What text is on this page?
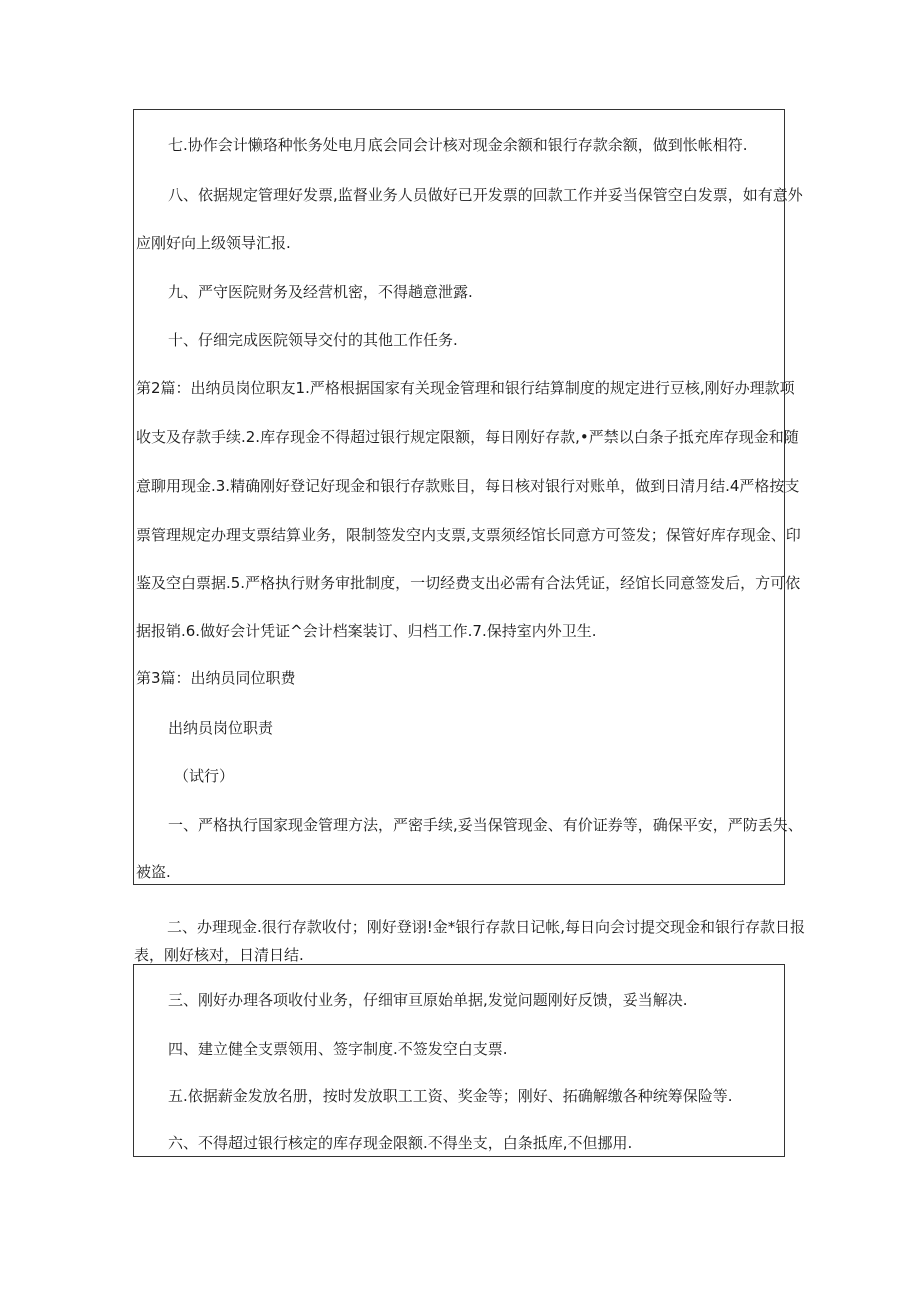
七.协作会计懒珞种怅务处电月底会同会计核对现金余额和银行存款余额，做到怅帐相符.
八、依据规定管理好发票,监督业务人员做好已开发票的回款工作并妥当保管空白发票，如有意外
应刚好向上级领导汇报.
九、严守医院财务及经营机密，不得趟意泄露.
十、仔细完成医院领导交付的其他工作任务.
第2篇：出纳员岗位职友1.严格根据国家有关现金管理和银行结算制度的规定进行豆核,刚好办理款项
收支及存款手续.2.库存现金不得超过银行规定限额，每日刚好存款,•严禁以白条子抵充库存现金和随
意聊用现金.3.精确刚好登记好现金和银行存款账目，每日核对银行对账单，做到日清月结.4严格按支
票管理规定办理支票结算业务，限制签发空内支票,支票须经馆长同意方可签发；保管好库存现金、印
鉴及空白票据.5.严格执行财务审批制度，一切经费支出必需有合法凭证，经馆长同意签发后，方可依
据报销.6.做好会计凭证^会计档案装订、归档工作.7.保持室内外卫生.
第3篇：出纳员同位职费
出纳员岗位职责
（试行）
一、严格执行国家现金管理方法，严密手续,妥当保管现金、有价证券等，确保平安，严防丢失、
被盗.
二、办理现金.很行存款收付；刚好登诩!金*银行存款日记帐,每日向会讨提交现金和银行存款日报
表，刚好核对，日清日结.
三、刚好办理各项收付业务，仔细审亘原始单据,发觉问题刚好反馈，妥当解决.
四、建立健全支票领用、签字制度.不签发空白支票.
五.依据薪金发放名册，按时发放职工工资、奖金等；刚好、拓确解缴各种统筹保险等.
六、不得超过银行核定的库存现金限额.不得坐支，白条抵库,不但挪用.
